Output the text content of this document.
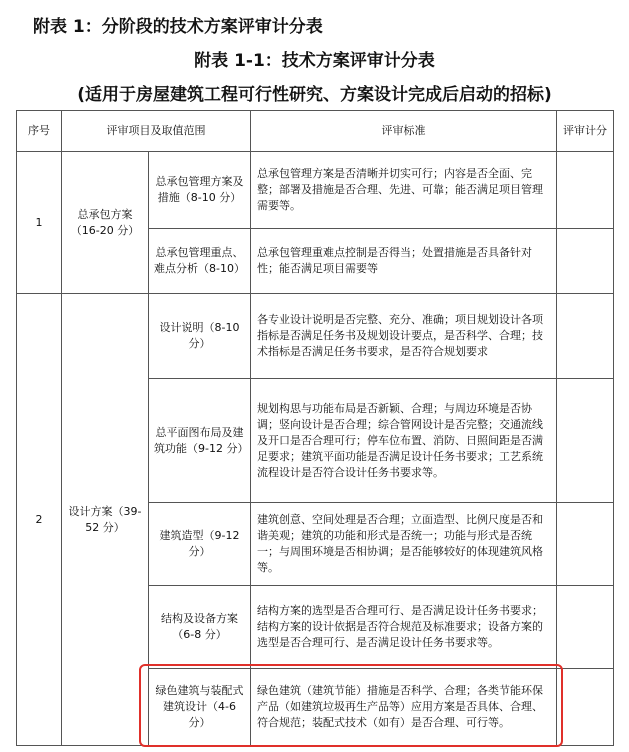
附表 1：分阶段的技术方案评审计分表
附表 1-1：技术方案评审计分表
(适用于房屋建筑工程可行性研究、方案设计完成后启动的招标)
序号	评审项目及取值范围		评审标准	评审计分
1	总承包方案（16-20 分）	总承包管理方案及措施（8-10 分）	总承包管理方案是否清晰并切实可行；内容是否全面、完整；部署及措施是否合理、先进、可靠；能否满足项目管理需要等。	
		总承包管理重点、难点分析（8-10）	总承包管理重难点控制是否得当；处置措施是否具备针对性；能否满足项目需要等	
2	设计方案（39-52 分）	设计说明（8-10 分）	各专业设计说明是否完整、充分、准确；项目规划设计各项指标是否满足任务书及规划设计要点，是否科学、合理；技术指标是否满足任务书要求，是否符合规划要求	
		总平面图布局及建筑功能（9-12 分）	规划构思与功能布局是否新颖、合理；与周边环境是否协调；竖向设计是否合理；综合管网设计是否完整；交通流线及开口是否合理可行；停车位布置、消防、日照间距是否满足要求；建筑平面功能是否满足设计任务书要求；工艺系统流程设计是否符合设计任务书要求等。	
		建筑造型（9-12 分）	建筑创意、空间处理是否合理；立面造型、比例尺度是否和谐美观；建筑的功能和形式是否统一；功能与形式是否统一；与周围环境是否相协调；是否能够较好的体现建筑风格等。	
		结构及设备方案（6-8 分）	结构方案的选型是否合理可行、是否满足设计任务书要求；结构方案的设计依据是否符合规范及标准要求；设备方案的选型是否合理可行、是否满足设计任务书要求等。	
		绿色建筑与装配式建筑设计（4-6 分）	绿色建筑（建筑节能）措施是否科学、合理；各类节能环保产品（如建筑垃圾再生产品等）应用方案是否具体、合理、符合规范；装配式技术（如有）是否合理、可行等。	
